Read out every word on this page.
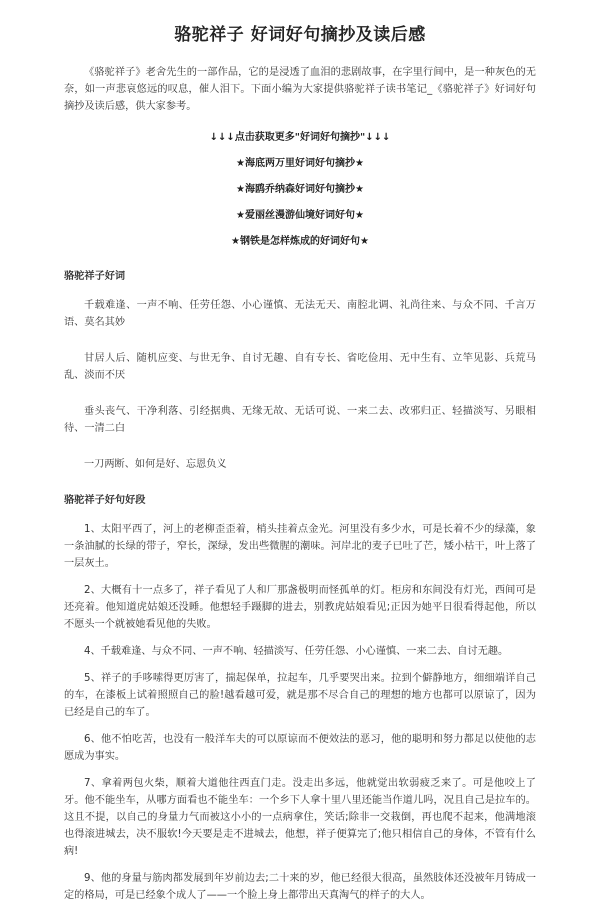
骆驼祥子 好词好句摘抄及读后感

《骆驼祥子》老舍先生的一部作品，它的是浸透了血泪的悲剧故事，在字里行间中，是一种灰色的无奈，如一声悲哀悠远的叹息，催人泪下。下面小编为大家提供骆驼祥子读书笔记_《骆驼祥子》好词好句摘抄及读后感，供大家参考。

↓↓↓点击获取更多"好词好句摘抄"↓↓↓
★海底两万里好词好句摘抄★
★海鸥乔纳森好词好句摘抄★
★爱丽丝漫游仙境好词好句★
★钢铁是怎样炼成的好词好句★

骆驼祥子好词

千载难逢、一声不响、任劳任怨、小心谨慎、无法无天、南腔北调、礼尚往来、与众不同、千言万语、莫名其妙

甘居人后、随机应变、与世无争、自讨无趣、自有专长、省吃俭用、无中生有、立竿见影、兵荒马乱、淡而不厌

垂头丧气、干净利落、引经据典、无缘无故、无话可说、一来二去、改邪归正、轻描淡写、另眼相待、一清二白

一刀两断、如何是好、忘恩负义

骆驼祥子好句好段

1、太阳平西了，河上的老柳歪歪着，梢头挂着点金光。河里没有多少水，可是长着不少的绿藻，象一条油腻的长绿的带子，窄长，深绿，发出些微腥的潮味。河岸北的麦子已吐了芒，矮小枯干，叶上落了一层灰土。

2、大概有十一点多了，祥子看见了人和厂那盏极明而怪孤单的灯。柜房和东间没有灯光，西间可是还亮着。他知道虎姑娘还没睡。他想轻手蹑脚的进去，别教虎姑娘看见;正因为她平日很看得起他，所以不愿头一个就被她看见他的失败。

4、千载难逢、与众不同、一声不响、轻描淡写、任劳任怨、小心谨慎、一来二去、自讨无趣。

5、祥子的手哆嗦得更厉害了，揣起保单，拉起车，几乎要哭出来。拉到个僻静地方，细细端详自己的车，在漆板上试着照照自己的脸!越看越可爱，就是那不尽合自己的理想的地方也都可以原谅了，因为已经是自己的车了。

6、他不怕吃苦，也没有一般洋车夫的可以原谅而不便效法的恶习，他的聪明和努力都足以使他的志愿成为事实。

7、拿着两包火柴，顺着大道他往西直门走。没走出多远，他就觉出软弱疲乏来了。可是他咬上了牙。他不能坐车，从哪方面看也不能坐车：一个乡下人拿十里八里还能当作道儿吗，况且自己是拉车的。这且不提，以自己的身量力气而被这小小的一点病拿住，笑话;除非一交栽倒，再也爬不起来，他满地滚也得滚进城去，决不服软!今天要是走不进城去，他想，祥子便算完了;他只相信自己的身体，不管有什么病!

9、他的身量与筋肉都发展到年岁前边去;二十来的岁，他已经很大很高，虽然肢体还没被年月铸成一定的格局，可是已经象个成人了——一个脸上身上都带出天真淘气的样子的大人。
